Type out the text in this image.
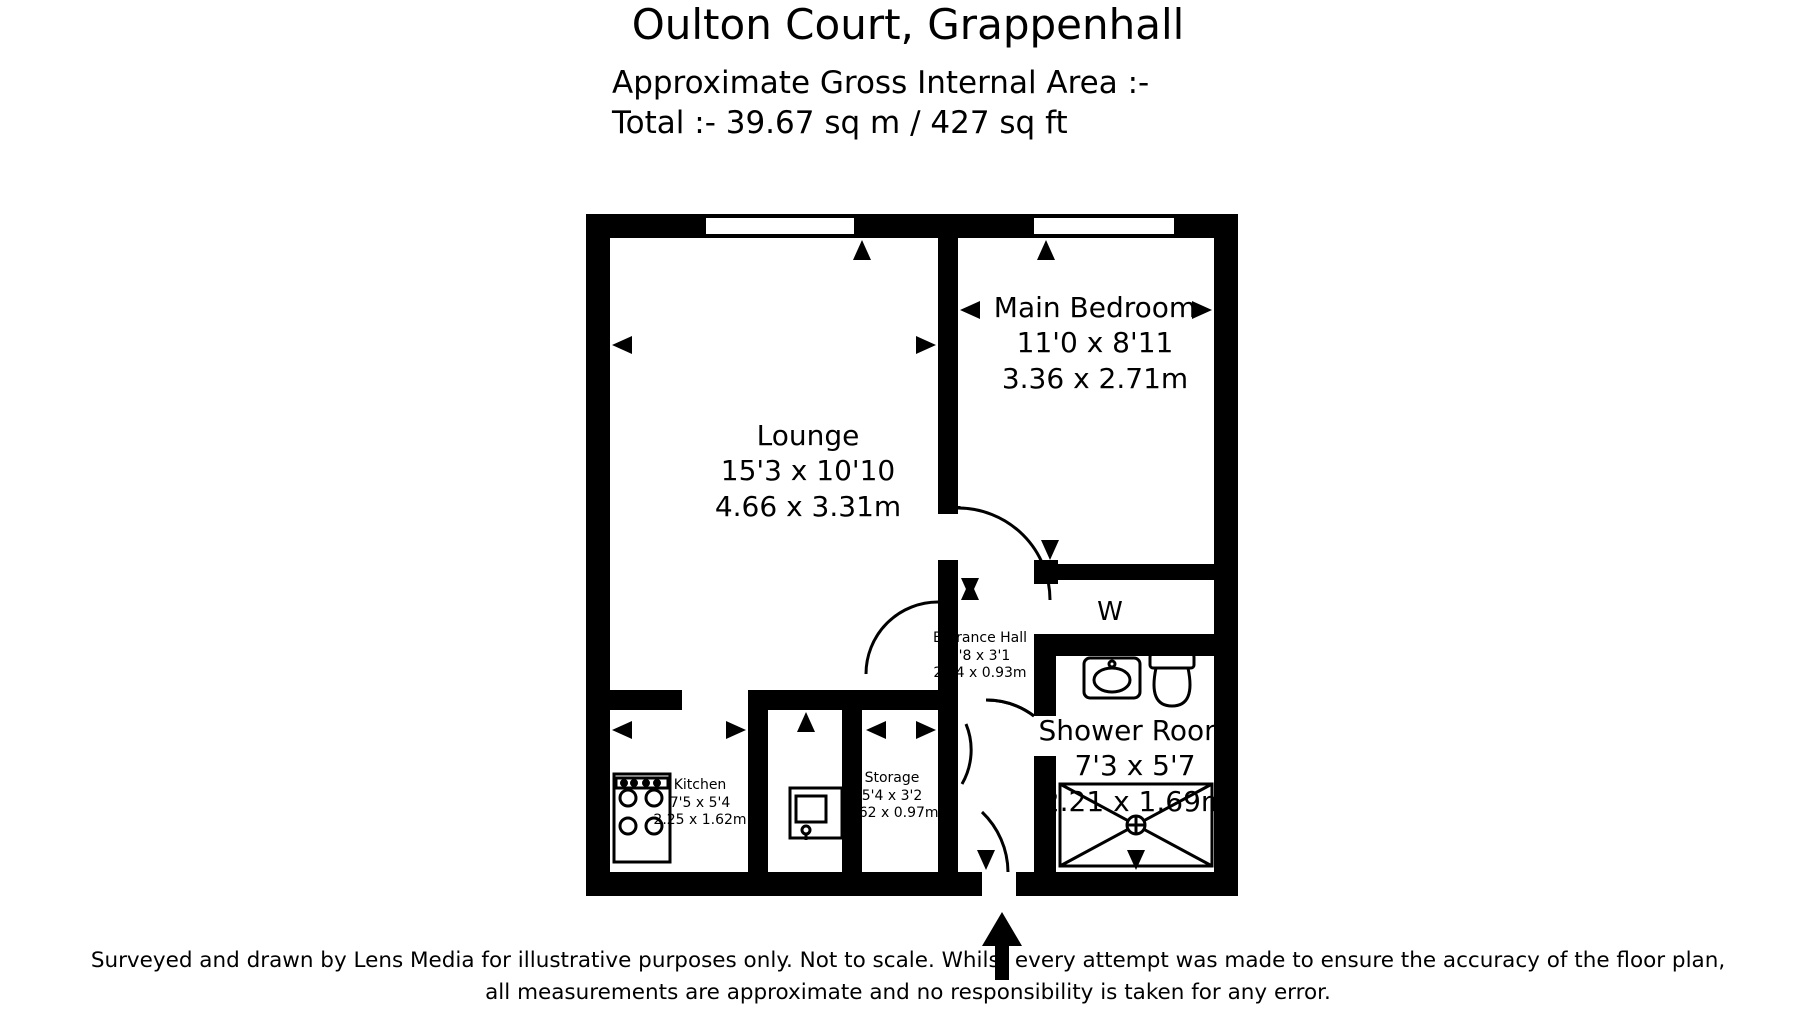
Oulton Court, Grappenhall
Approximate Gross Internal Area :-
Total :- 39.67 sq m / 427 sq ft
Lounge
15'3 x 10'10
4.66 x 3.31m
Main Bedroom
11'0 x 8'11
3.36 x 2.71m
Entrance Hall
9'8 x 3'1
2.94 x 0.93m
Kitchen
7'5 x 5'4
2.25 x 1.62m
Storage
5'4 x 3'2
1.62 x 0.97m
Shower Room
7'3 x 5'7
2.21 x 1.69m
W
Surveyed and drawn by Lens Media for illustrative purposes only. Not to scale. Whilst every attempt was made to ensure the accuracy of the floor plan,
all measurements are approximate and no responsibility is taken for any error.
